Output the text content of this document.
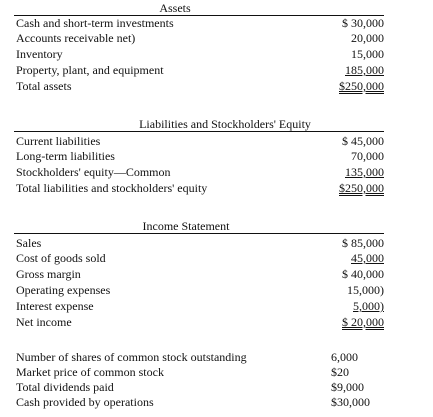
Assets
Cash and short-term investments	$ 30,000
Accounts receivable net)	20,000
Inventory	15,000
Property, plant, and equipment	185,000
Total assets	$250,000
Liabilities and Stockholders' Equity
Current liabilities	$ 45,000
Long-term liabilities	70,000
Stockholders' equity—Common	135,000
Total liabilities and stockholders' equity	$250,000
Income Statement
Sales	$ 85,000
Cost of goods sold	45,000
Gross margin	$ 40,000
Operating expenses	15,000)
Interest expense	5,000)
Net income	$ 20,000
Number of shares of common stock outstanding	6,000
Market price of common stock	$20
Total dividends paid	$9,000
Cash provided by operations	$30,000
